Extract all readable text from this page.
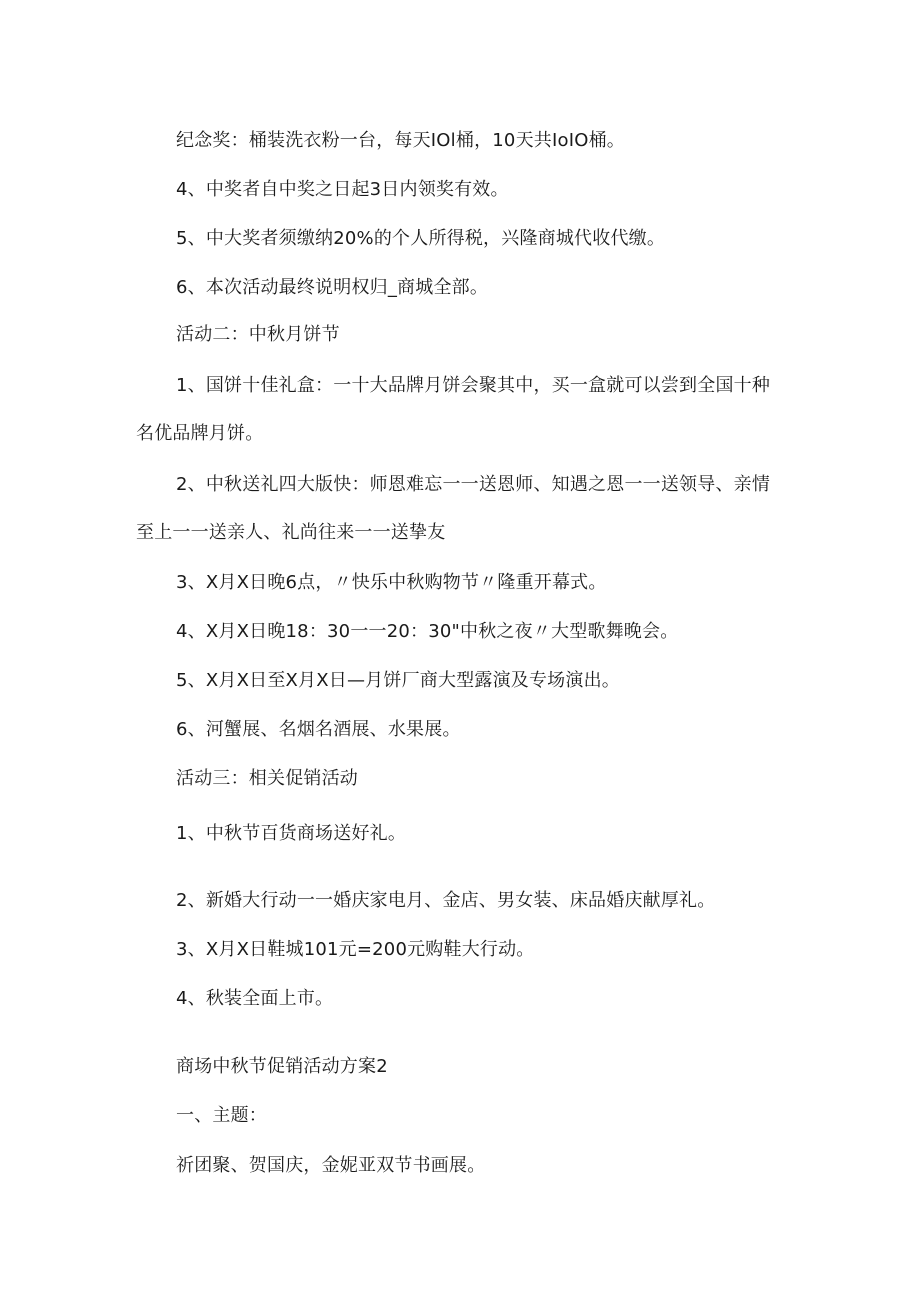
纪念奖：桶装洗衣粉一台，每天IOl桶，10天共IoIO桶。
4、中奖者自中奖之日起3日内领奖有效。
5、中大奖者须缴纳20%的个人所得税，兴隆商城代收代缴。
6、本次活动最终说明权归_商城全部。
活动二：中秋月饼节
1、国饼十佳礼盒：一十大品牌月饼会聚其中，买一盒就可以尝到全国十种
名优品牌月饼。
2、中秋送礼四大版快：师恩难忘一一送恩师、知遇之恩一一送领导、亲情
至上一一送亲人、礼尚往来一一送挚友
3、X月X日晚6点，〃快乐中秋购物节〃隆重开幕式。
4、X月X日晚18：30一一20：30"中秋之夜〃大型歌舞晚会。
5、X月X日至X月X日—月饼厂商大型露演及专场演出。
6、河蟹展、名烟名酒展、水果展。
活动三：相关促销活动
1、中秋节百货商场送好礼。
2、新婚大行动一一婚庆家电月、金店、男女装、床品婚庆献厚礼。
3、X月X日鞋城101元=200元购鞋大行动。
4、秋装全面上市。
商场中秋节促销活动方案2
一、主题：
祈团聚、贺国庆，金妮亚双节书画展。
